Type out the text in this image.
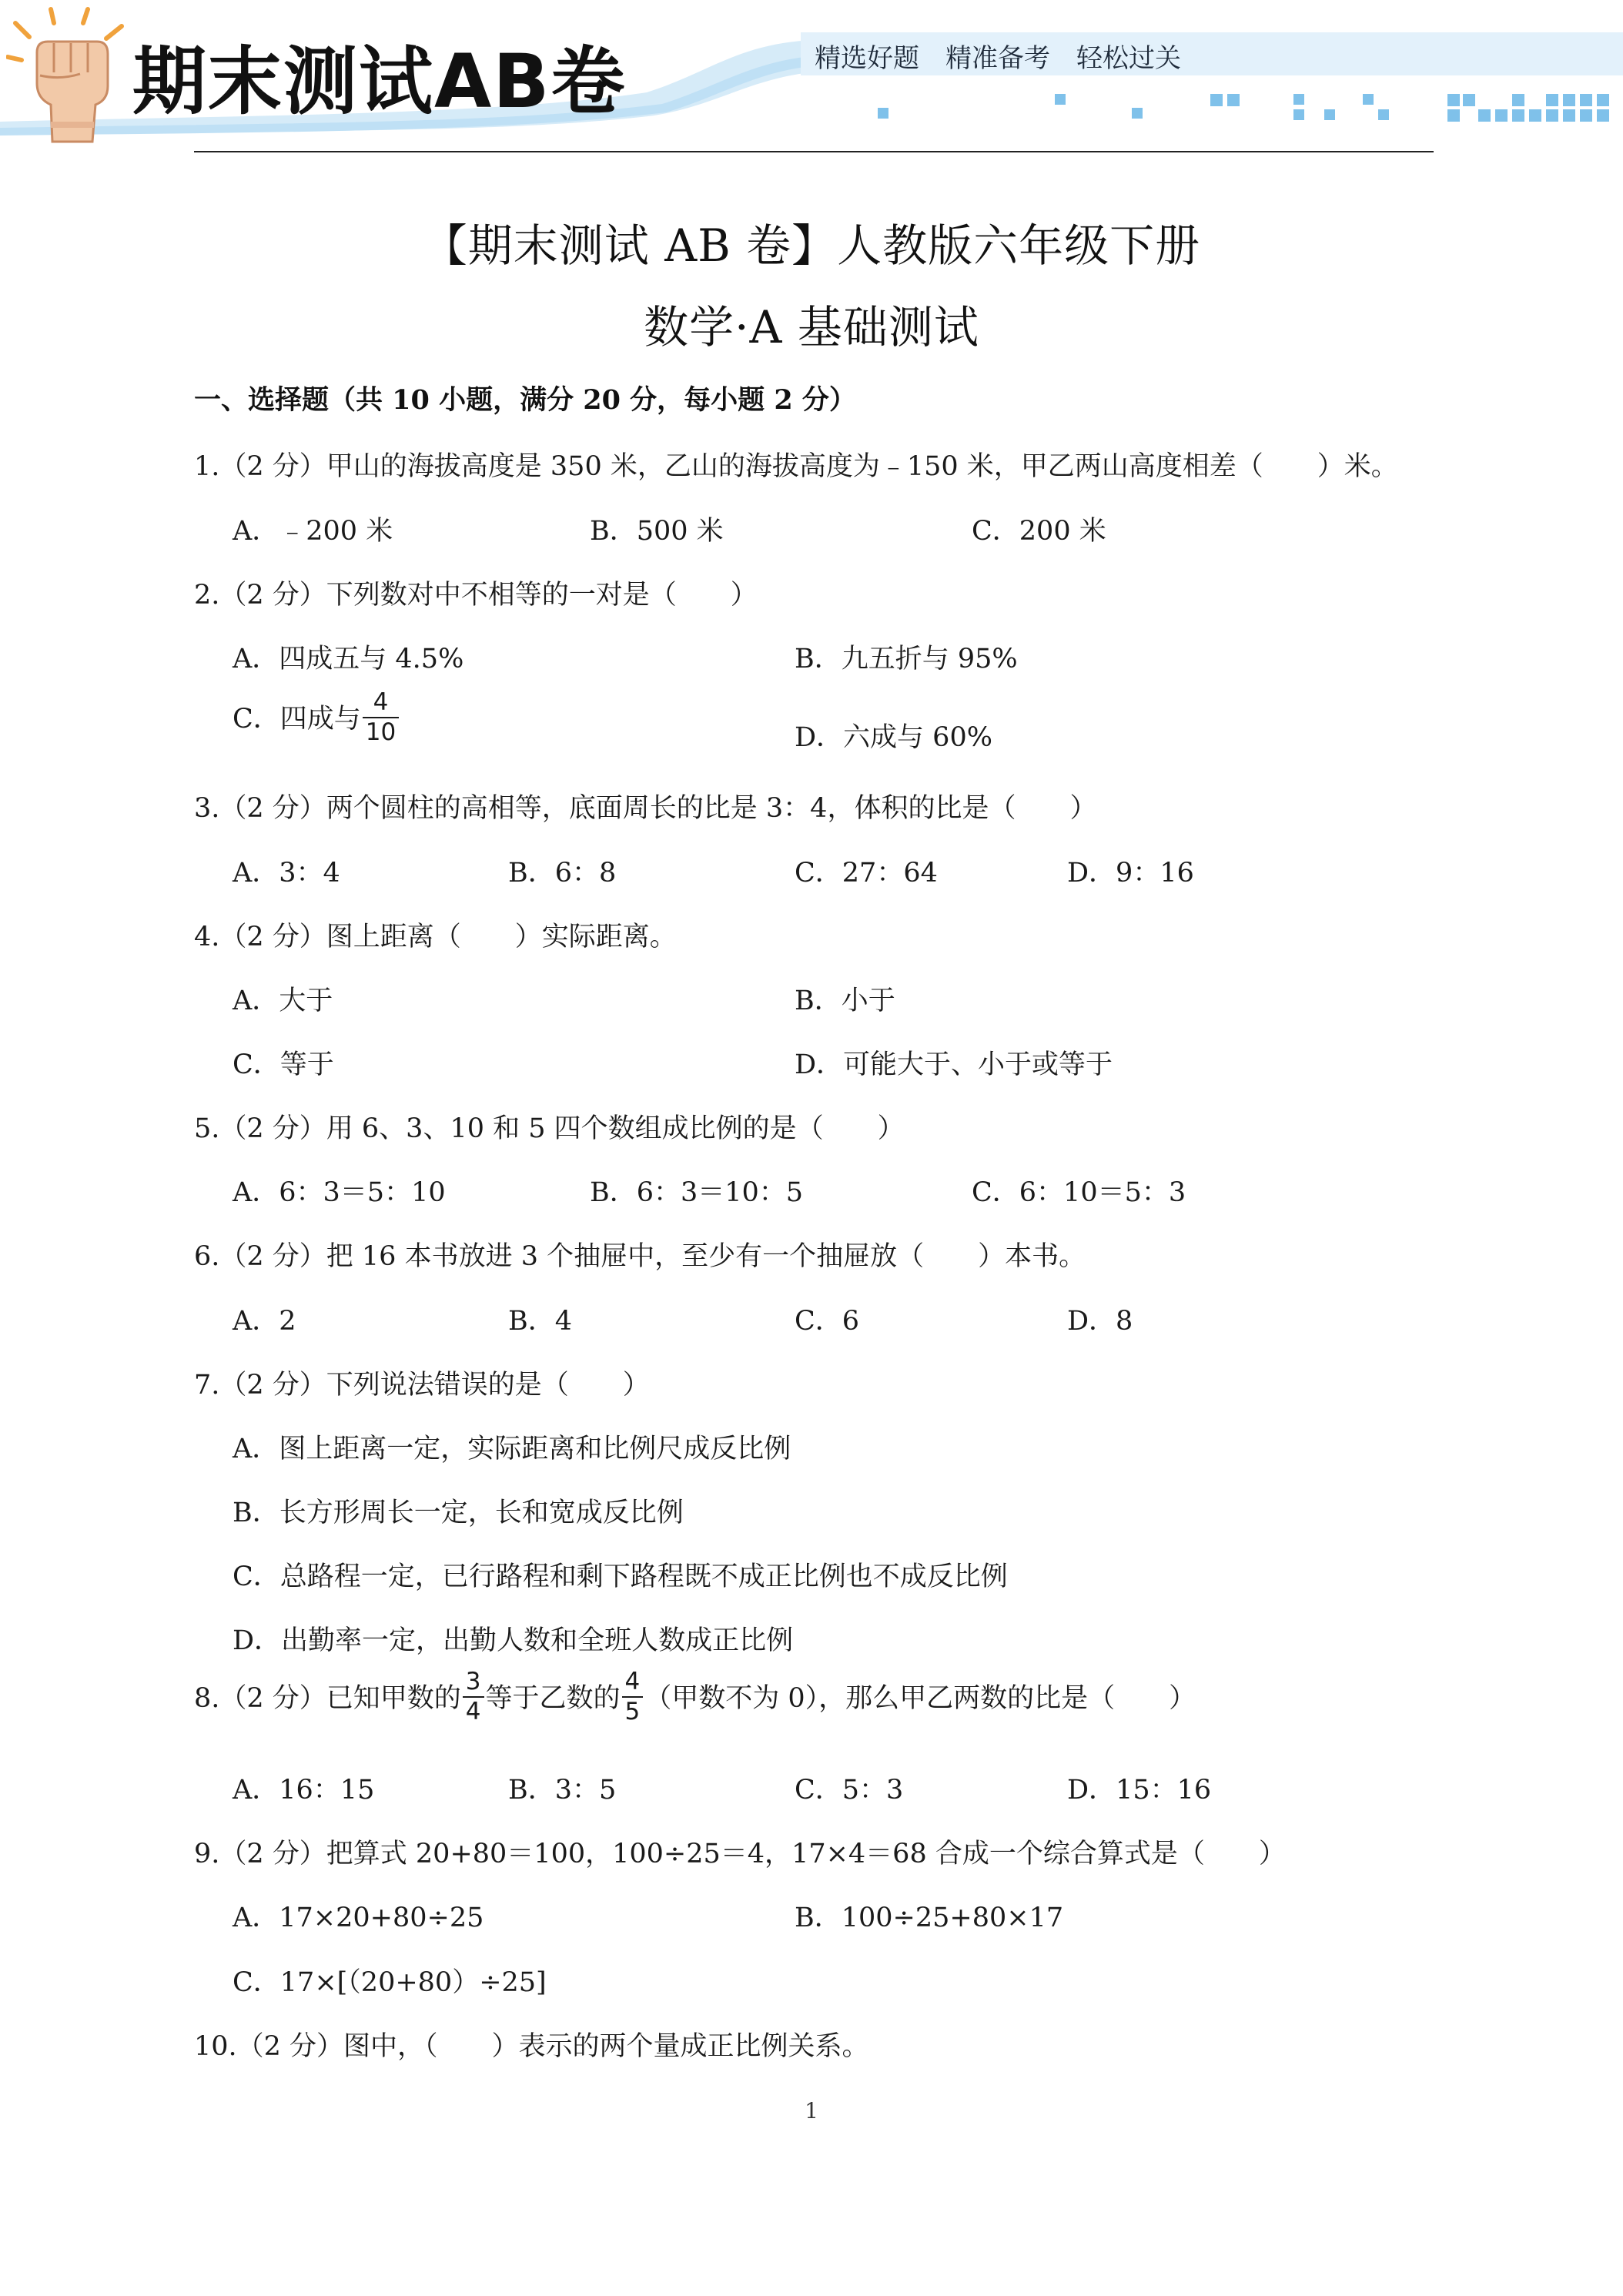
期末测试AB卷	精选好题 精准备考 轻松过关
【期末测试 AB 卷】人教版六年级下册
数学·A 基础测试
一、选择题（共 10 小题，满分 20 分，每小题 2 分）
1.（2 分）甲山的海拔高度是 350 米，乙山的海拔高度为﹣150 米，甲乙两山高度相差（　　）米。
A．﹣200 米	B．500 米	C．200 米
2.（2 分）下列数对中不相等的一对是（　　）
A．四成五与 4.5%	B．九五折与 95%
C．四成与 $\frac{4}{10}$	D．六成与 60%
3.（2 分）两个圆柱的高相等，底面周长的比是 3：4，体积的比是（　　）
A．3：4	B．6：8	C．27：64	D．9：16
4.（2 分）图上距离（　　）实际距离。
A．大于	B．小于
C．等于	D．可能大于、小于或等于
5.（2 分）用 6、3、10 和 5 四个数组成比例的是（　　）
A．6：3＝5：10	B．6：3＝10：5	C．6：10＝5：3
6.（2 分）把 16 本书放进 3 个抽屉中，至少有一个抽屉放（　　）本书。
A．2	B．4	C．6	D．8
7.（2 分）下列说法错误的是（　　）
A．图上距离一定，实际距离和比例尺成反比例
B．长方形周长一定，长和宽成反比例
C．总路程一定，已行路程和剩下路程既不成正比例也不成反比例
D．出勤率一定，出勤人数和全班人数成正比例
8.（2 分）已知甲数的 $\frac{3}{4}$ 等于乙数的 $\frac{4}{5}$ （甲数不为 0），那么甲乙两数的比是（　　）
A．16：15	B．3：5	C．5：3	D．15：16
9.（2 分）把算式 20+80＝100，100÷25＝4，17×4＝68 合成一个综合算式是（　　）
A．17×20+80÷25	B．100÷25+80×17
C．17×[（20+80）÷25]
10.（2 分）图中，（　　）表示的两个量成正比例关系。
1
